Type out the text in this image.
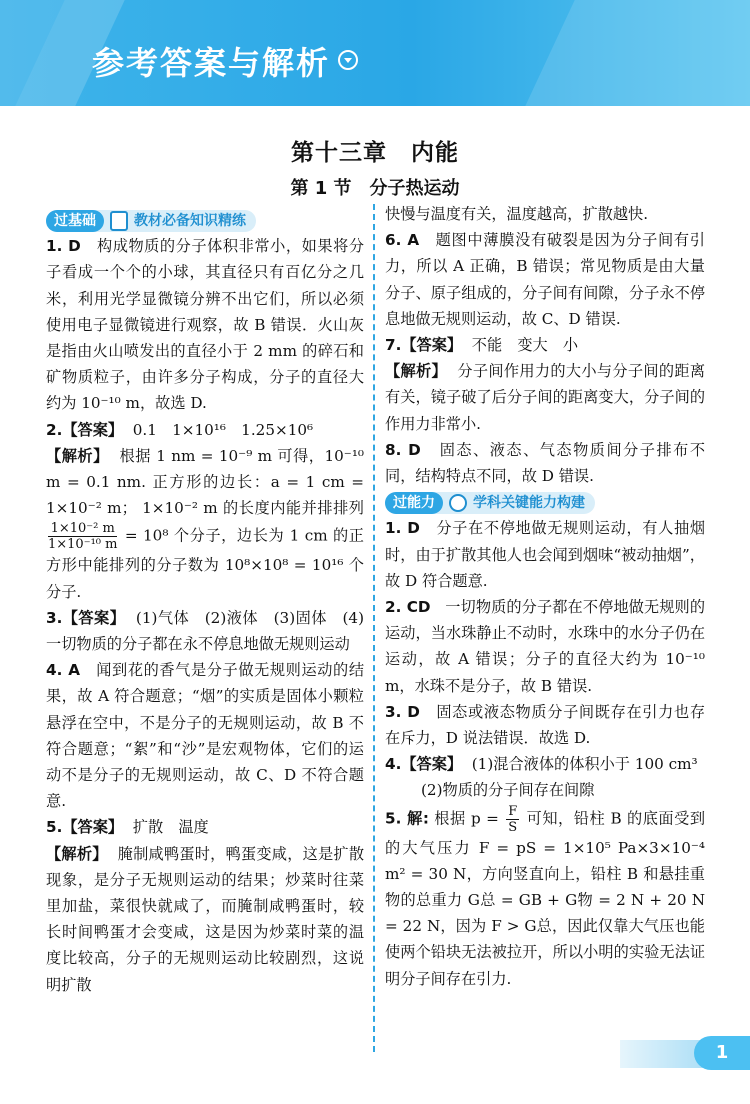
参考答案与解析
第十三章　内能
第 1 节　分子热运动
过基础	教材必备知识精练

1. D 构成物质的分子体积非常小，如果将分子看成一个个的小球，其直径只有百亿分之几米，利用光学显微镜分辨不出它们，所以必须使用电子显微镜进行观察，故 B 错误．火山灰是指由火山喷发出的直径小于 2 mm 的碎石和矿物质粒子，由许多分子构成，分子的直径大约为 10⁻¹⁰ m，故选 D.

2.【答案】 0.1　1×10¹⁶　1.25×10⁶

【解析】 根据 1 nm = 10⁻⁹ m 可得，10⁻¹⁰ m = 0.1 nm. 正方形的边长：a = 1 cm = 1×10⁻² m； 1×10⁻² m 的长度内能并排排列
$\frac{\text{1×10⁻² m}}{\text{1×10⁻¹⁰ m}} = 10^8$ 个分子，边长为 1 cm 的正方形中能排列的分子数为 10⁸×10⁸ = 10¹⁶ 个分子.

3.【答案】 (1)气体　(2)液体　(3)固体　(4)一切物质的分子都在永不停息地做无规则运动

4. A 闻到花的香气是分子做无规则运动的结果，故 A 符合题意；“烟”的实质是固体小颗粒悬浮在空中，不是分子的无规则运动，故 B 不符合题意；“絮”和“沙”是宏观物体，它们的运动不是分子的无规则运动，故 C、D 不符合题意.

5.【答案】 扩散　温度

【解析】 腌制咸鸭蛋时，鸭蛋变咸，这是扩散现象，是分子无规则运动的结果；炒菜时往菜里加盐，菜很快就咸了，而腌制咸鸭蛋时，较长时间鸭蛋才会变咸，这是因为炒菜时菜的温度比较高，分子的无规则运动比较剧烈，这说明扩散

快慢与温度有关，温度越高，扩散越快.

6. A 题图中薄膜没有破裂是因为分子间有引力，所以 A 正确，B 错误；常见物质是由大量分子、原子组成的，分子间有间隙，分子永不停息地做无规则运动，故 C、D 错误.

7.【答案】 不能　变大　小

【解析】 分子间作用力的大小与分子间的距离有关，镜子破了后分子间的距离变大，分子间的作用力非常小.

8. D 固态、液态、气态物质间分子排布不同，结构特点不同，故 D 错误.

过能力	学科关键能力构建

1. D 分子在不停地做无规则运动，有人抽烟时，由于扩散其他人也会闻到烟味“被动抽烟”，故 D 符合题意.

2. CD 一切物质的分子都在不停地做无规则的运动，当水珠静止不动时，水珠中的水分子仍在运动，故 A 错误；分子的直径大约为 10⁻¹⁰ m，水珠不是分子，故 B 错误.

3. D 固态或液态物质分子间既存在引力也存在斥力，D 说法错误．故选 D.

4.【答案】 (1)混合液体的体积小于 100 cm³

(2)物质的分子间存在间隙

5. 解: 根据 $p = \frac{F}{S}$ 可知，铅柱 B 的底面受到的大气压力 F = pS = 1×10⁵ Pa×3×10⁻⁴ m² = 30 N，方向竖直向上，铅柱 B 和悬挂重物的总重力 G总 = GB + G物 = 2 N + 20 N = 22 N，因为 F > G总，因此仅靠大气压也能使两个铅块无法被拉开，所以小明的实验无法证明分子间存在引力.

1
